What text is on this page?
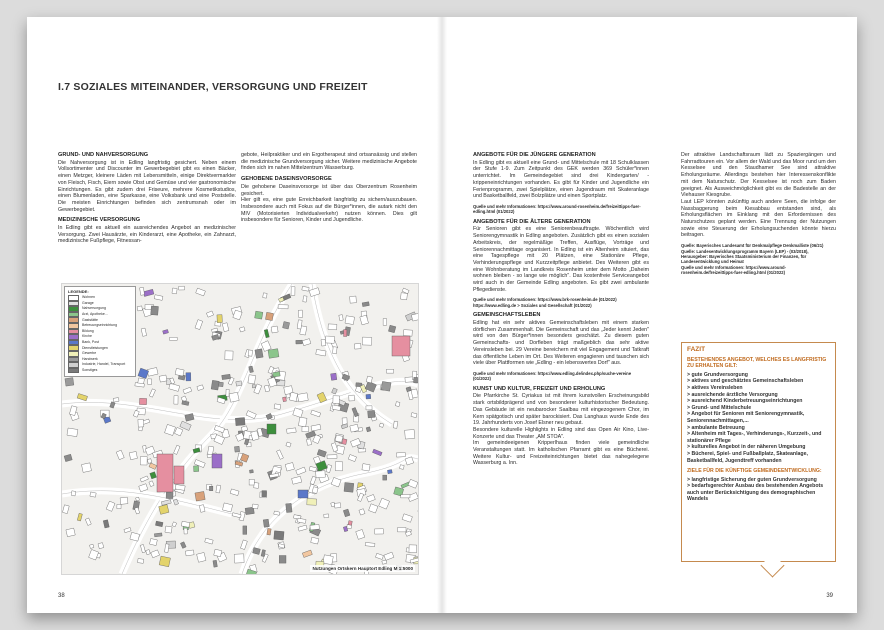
I.7 SOZIALES MITEINANDER, VERSORGUNG UND FREIZEIT
GRUND- UND NAHVERSORGUNG

Die Nahversorgung ist in Edling langfristig gesichert. Neben einem Vollsortimenter und Discounter im Gewerbegebiet gibt es einen Bäcker, einen Metzger, kleinere Läden mit Lebensmitteln, einige Direktvermarkter von Fleisch, Fisch, Eiern sowie Obst und Gemüse und vier gastronomische Einrichtungen. Es gibt zudem drei Friseure, mehrere Kosmetikstudios, einen Blumenladen, eine Sparkasse, eine Volksbank und eine Poststelle. Die meisten Einrichtungen befinden sich zentrumsnah oder im Gewerbegebiet.

MEDIZINISCHE VERSORGUNG

In Edling gibt es aktuell ein ausreichendes Angebot an medizinischer Versorgung. Zwei Hausärzte, ein Kinderarzt, eine Apotheke, ein Zahnarzt, medizinische Fußpflege, Fitnessan-

gebote, Heilpraktiker und ein Ergotherapeut sind ortsansässig und stellen die medizinische Grundversorgung sicher. Weitere medizinische Angebote finden sich im nahen Mittelzentrum Wasserburg.

GEHOBENE DASEINSVORSORGE

Die gehobene Daseinsvorsorge ist über das Oberzentrum Rosenheim gesichert.

Hier gilt es, eine gute Erreichbarkeit langfristig zu sichern/auszubauen. Insbesondere auch mit Fokus auf die Bürger*innen, die autark nicht den MIV (Motorisierten Individualverkehr) nutzen können. Dies gilt insbesondere für Senioren, Kinder und Jugendliche.

LEGENDE:
Wohnen
Garage
Nahversorgung
Arzt, Apotheke...
Gaststätte
Betreuungseinrichtung
Bildung
Kirche
Bank, Post
Dienstleistungen
Gewerbe
Handwerk
Industrie, Handel, Transport
Sonstiges
Nutzungen Ortskern Hauptort Edling M 1:5000
38
ANGEBOTE FÜR DIE JÜNGERE GENERATION

In Edling gibt es aktuell eine Grund- und Mittelschule mit 18 Schulklassen der Stufe 1-9. Zum Zeitpunkt des GEK werden 369 Schüler*innen unterrichtet. Im Gemeindegebiet sind drei Kindergarten/ -krippeneinrichtungen vorhanden. Es gibt für Kinder und Jugendliche ein Ferienprogramm, zwei Spielplätze, einen Jugendraum mit Skateranlage und Basketballfeld, zwei Bolzplätze und einen Sportplatz.

Quelle und mehr Informationen: https://www.around-rosenheim.de/freizeittipps-fuer-edling.html (01/2022)

ANGEBOTE FÜR DIE ÄLTERE GENERATION

Für Senioren gibt es eine Seniorenbeauftragte. Wöchentlich wird Seniorengymnastik in Edling angeboten. Zusätzlich gibt es einen sozialen Arbeitskreis, der regelmäßige Treffen, Ausflüge, Vorträge und Seniorennachmittage organisiert. In Edling ist ein Altenheim situiert, das eine Tagespflege mit 20 Plätzen, eine Stationäre Pflege, Verhinderungspflege und Kurzzeitpflege anbietet. Des Weiteren gibt es eine Wohnberatung im Landkreis Rosenheim unter dem Motto „Daheim wohnen bleiben - so lange wie möglich". Das kostenfreie Serviceangebot wird auch in der Gemeinde Edling angeboten. Es gibt zwei ambulante Pflegedienste.

Quelle und mehr Informationen: https://www.brk-rosenheim.de (01/2022)
https://www.edling.de > Soziales und Gesellschaft (01/2022)

GEMEINSCHAFTSLEBEN

Edling hat ein sehr aktives Gemeinschaftsleben mit einem starken dörflichen Zusammenhalt. Die Gemeinschaft und das „Jeder kennt Jeden" wird von den Bürger*innen besonders geschätzt. Zu diesem guten Gemeinschafts- und Dorfleben trägt maßgeblich das sehr aktive Vereinsleben bei. 29 Vereine bereichern mit viel Engagement und Tatkraft das öffentliche Leben im Ort. Des Weiteren engagieren und tauschen sich viele über Plattformen wie „Edling - ein lebenswertes Dorf" aus.

Quelle und mehr Informationen: https://www.edling.de/index.php/suche-vereine (01/2022)

KUNST UND KULTUR, FREIZEIT UND ERHOLUNG

Die Pfarrkirche St. Cyriakus ist mit ihrem kunstvollen Erscheinungsbild stark ortsbildprägend und von besonderer kulturhistorischer Bedeutung. Das Gebäude ist ein neubarocker Saalbau mit eingezogenem Chor, im Kern spätgotisch und später barockisiert. Das Langhaus wurde Ende des 19. Jahrhunderts von Josef Elsner neu gebaut.

Besondere kulturelle Highlights in Edling sind das Open Air Kino, Live-Konzerte und das Theater „AM STOA".

Im gemeindeeigenen Kripperlhaus finden viele gemeindliche Veranstaltungen statt. Im katholischen Pfarramt gibt es eine Bücherei. Weitere Kultur- und Freizeiteinrichtungen bietet das nahegelegene Wasserburg a. Inn.

Der attraktive Landschaftsraum lädt zu Spaziergängen und Fahrradtouren ein. Vor allem der Wald und das Moor rund um den Kesselsee und den Staudhamer See sind attraktive Erholungsräume. Allerdings bestehen hier Interessenskonflikte mit dem Naturschutz. Der Kesselsee ist noch zum Baden geeignet. Als Ausweichmöglichkeit gibt es die Badestelle an der Viehauser Kiesgrube.

Laut LEP könnten zukünftig auch andere Seen, die infolge der Nassbaggerung beim Kiesabbau entstanden sind, als Erholungsflächen im Einklang mit den Erfordernissen des Naturschutzes geplant werden. Eine Trennung der Nutzungen sowie eine Steuerung der Erholungsuchenden könnte hierzu beitragen.

Quelle: Bayerisches Landesamt für Denkmalpflege Denkmalliste (06/21)
Quelle: Landesentwicklungsprogramm Bayern (LEP) - (03/2018), Herausgeber: Bayerisches Staatsministerium der Finanzen, für Landesentwicklung und Heimat
Quelle und mehr Informationen: https://www.around-rosenheim.de/freizeittipps-fuer-edling.html (01/2022)

FAZIT
BESTEHENDES ANGEBOT, WELCHES ES LANGFRISTIG ZU ERHALTEN GILT:
> gute Grundversorgung
> aktives und geschätztes Gemeinschaftsleben
> aktives Vereinsleben
> ausreichende ärztliche Versorgung
> ausreichend Kinderbetreuungseinrichtungen
> Grund- und Mittelschule
> Angebot für Senioren mit Seniorengymnastik, Seniorennachmittagen,...
> ambulante Betreuung
> Altenheim mit Tages-, Verhinderungs-, Kurzzeit-, und stationärer Pflege
> kulturelles Angebot in der näheren Umgebung
> Bücherei, Spiel- und Fußballplatz, Skateanlage, Basketballfeld, Jugendtreff vorhanden
ZIELE FÜR DIE KÜNFTIGE GEMEINDEENTWICKLUNG:
> langfristige Sicherung der guten Grundversorgung
> bedarfsgerechter Ausbau des bestehenden Angebots auch unter Berücksichtigung des demographischen Wandels
39
